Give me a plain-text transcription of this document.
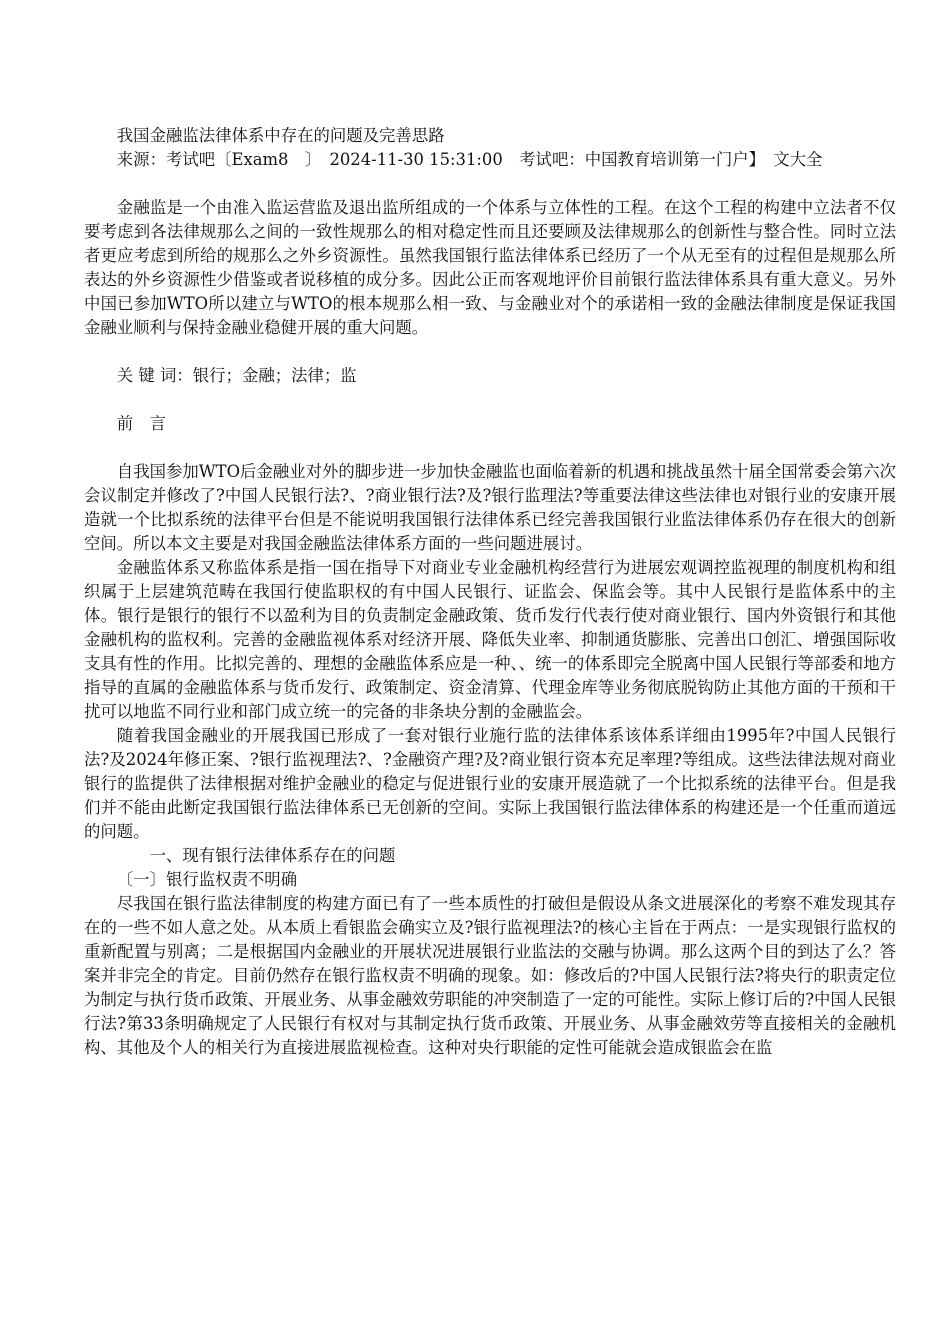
我国金融监法律体系中存在的问题及完善思路

来源：考试吧〔Exam8　〕　2024-11-30 15:31:00　考试吧：中国教育培训第一门户】　文大全

金融监是一个由准入监运营监及退出监所组成的一个体系与立体性的工程。在这个工程的构建中立法者不仅要考虑到各法律规那么之间的一致性规那么的相对稳定性而且还要顾及法律规那么的创新性与整合性。同时立法者更应考虑到所给的规那么之外乡资源性。虽然我国银行监法律体系已经历了一个从无至有的过程但是规那么所表达的外乡资源性少借鉴或者说移植的成分多。因此公正而客观地评价目前银行监法律体系具有重大意义。另外中国已参加WTO所以建立与WTO的根本规那么相一致、与金融业对个的承诺相一致的金融法律制度是保证我国金融业顺利与保持金融业稳健开展的重大问题。

关 键 词：银行；金融；法律；监

前　言

自我国参加WTO后金融业对外的脚步进一步加快金融监也面临着新的机遇和挑战虽然十届全国常委会第六次会议制定并修改了?中国人民银行法?、?商业银行法?及?银行监理法?等重要法律这些法律也对银行业的安康开展造就一个比拟系统的法律平台但是不能说明我国银行法律体系已经完善我国银行业监法律体系仍存在很大的创新空间。所以本文主要是对我国金融监法律体系方面的一些问题进展讨。

金融监体系又称监体系是指一国在指导下对商业专业金融机构经营行为进展宏观调控监视理的制度机构和组织属于上层建筑范畴在我国行使监职权的有中国人民银行、证监会、保监会等。其中人民银行是监体系中的主体。银行是银行的银行不以盈利为目的负责制定金融政策、货币发行代表行使对商业银行、国内外资银行和其他金融机构的监权利。完善的金融监视体系对经济开展、降低失业率、抑制通货膨胀、完善出口创汇、增强国际收支具有性的作用。比拟完善的、理想的金融监体系应是一种、、统一的体系即完全脱离中国人民银行等部委和地方指导的直属的金融监体系与货币发行、政策制定、资金清算、代理金库等业务彻底脱钩防止其他方面的干预和干扰可以地监不同行业和部门成立统一的完备的非条块分割的金融监会。

随着我国金融业的开展我国已形成了一套对银行业施行监的法律体系该体系详细由1995年?中国人民银行法?及2024年修正案、?银行监视理法?、?金融资产理?及?商业银行资本充足率理?等组成。这些法律法规对商业银行的监提供了法律根据对维护金融业的稳定与促进银行业的安康开展造就了一个比拟系统的法律平台。但是我们并不能由此断定我国银行监法律体系已无创新的空间。实际上我国银行监法律体系的构建还是一个任重而道远的问题。

一、现有银行法律体系存在的问题

〔一〕银行监权责不明确

尽我国在银行监法律制度的构建方面已有了一些本质性的打破但是假设从条文进展深化的考察不难发现其存在的一些不如人意之处。从本质上看银监会确实立及?银行监视理法?的核心主旨在于两点：一是实现银行监权的重新配置与别离；二是根据国内金融业的开展状况进展银行业监法的交融与协调。那么这两个目的到达了么？答案并非完全的肯定。目前仍然存在银行监权责不明确的现象。如：修改后的?中国人民银行法?将央行的职责定位为制定与执行货币政策、开展业务、从事金融效劳职能的冲突制造了一定的可能性。实际上修订后的?中国人民银行法?第33条明确规定了人民银行有权对与其制定执行货币政策、开展业务、从事金融效劳等直接相关的金融机构、其他及个人的相关行为直接进展监视检查。这种对央行职能的定性可能就会造成银监会在监
